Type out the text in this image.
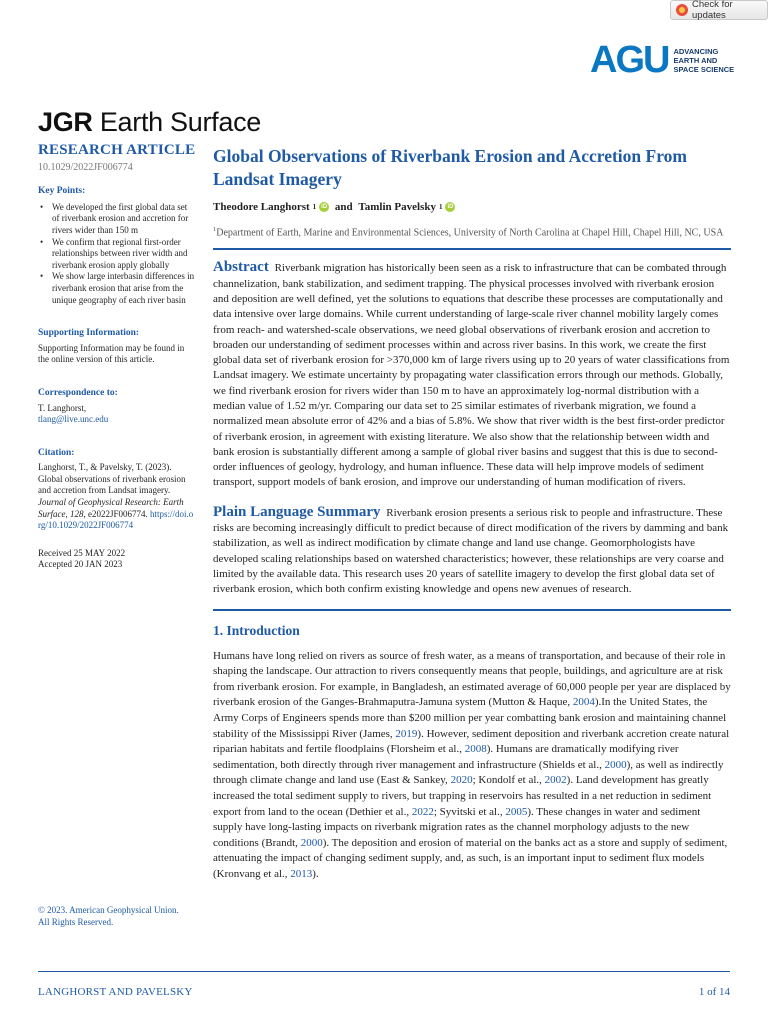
Check for updates
AGU ADVANCING
EARTH AND
SPACE SCIENCE
JGR Earth Surface
RESEARCH ARTICLE
10.1029/2022JF006774
Key Points:
• We developed the first global data set of riverbank erosion and accretion for rivers wider than 150 m
• We confirm that regional first-order relationships between river width and riverbank erosion apply globally
• We show large interbasin differences in riverbank erosion that arise from the unique geography of each river basin
Supporting Information:
Supporting Information may be found in the online version of this article.
Correspondence to:
T. Langhorst,
tlang@live.unc.edu
Citation:
Langhorst, T., & Pavelsky, T. (2023). Global observations of riverbank erosion and accretion from Landsat imagery. Journal of Geophysical Research: Earth Surface, 128, e2022JF006774. https://doi.org/10.1029/2022JF006774
Received 25 MAY 2022
Accepted 20 JAN 2023
© 2023. American Geophysical Union.
All Rights Reserved.
Global Observations of Riverbank Erosion and Accretion From Landsat Imagery
Theodore Langhorst 1 iD and Tamlin Pavelsky 1 iD
$^1$Department of Earth, Marine and Environmental Sciences, University of North Carolina at Chapel Hill, Chapel Hill, NC, USA

Abstract Riverbank migration has historically been seen as a risk to infrastructure that can be combated through channelization, bank stabilization, and sediment trapping. The physical processes involved with riverbank erosion and deposition are well defined, yet the solutions to equations that describe these processes are computationally and data intensive over large domains. While current understanding of large-scale river channel mobility largely comes from reach- and watershed-scale observations, we need global observations of riverbank erosion and accretion to broaden our understanding of sediment processes within and across river basins. In this work, we create the first global data set of riverbank erosion for >370,000 km of large rivers using up to 20 years of water classifications from Landsat imagery. We estimate uncertainty by propagating water classification errors through our methods. Globally, we find riverbank erosion for rivers wider than 150 m to have an approximately log-normal distribution with a median value of 1.52 m/yr. Comparing our data set to 25 similar estimates of riverbank migration, we found a normalized mean absolute error of 42% and a bias of 5.8%. We show that river width is the best first-order predictor of riverbank erosion, in agreement with existing literature. We also show that the relationship between width and bank erosion is substantially different among a sample of global river basins and suggest that this is due to second-order influences of geology, hydrology, and human influence. These data will help improve models of sediment transport, support models of bank erosion, and improve our understanding of human modification of rivers.

Plain Language Summary Riverbank erosion presents a serious risk to people and infrastructure. These risks are becoming increasingly difficult to predict because of direct modification of the rivers by damming and bank stabilization, as well as indirect modification by climate change and land use change. Geomorphologists have developed scaling relationships based on watershed characteristics; however, these relationships are very coarse and limited by the available data. This research uses 20 years of satellite imagery to develop the first global data set of riverbank erosion, which both confirm existing knowledge and opens new avenues of research.

1. Introduction

Humans have long relied on rivers as source of fresh water, as a means of transportation, and because of their role in shaping the landscape. Our attraction to rivers consequently means that people, buildings, and agriculture are at risk from riverbank erosion. For example, in Bangladesh, an estimated average of 60,000 people per year are displaced by riverbank erosion of the Ganges-Brahmaputra-Jamuna system (Mutton & Haque, 2004).In the United States, the Army Corps of Engineers spends more than $200 million per year combatting bank erosion and maintaining channel stability of the Mississippi River (James, 2019). However, sediment deposition and riverbank accretion create natural riparian habitats and fertile floodplains (Florsheim et al., 2008). Humans are dramatically modifying river sedimentation, both directly through river management and infrastructure (Shields et al., 2000), as well as indirectly through climate change and land use (East & Sankey, 2020; Kondolf et al., 2002). Land development has greatly increased the total sediment supply to rivers, but trapping in reservoirs has resulted in a net reduction in sediment export from land to the ocean (Dethier et al., 2022; Syvitski et al., 2005). These changes in water and sediment supply have long-lasting impacts on riverbank migration rates as the channel morphology adjusts to the new conditions (Brandt, 2000). The deposition and erosion of material on the banks act as a store and supply of sediment, attenuating the impact of changing sediment supply, and, as such, is an important input to sediment flux models (Kronvang et al., 2013).

LANGHORST AND PAVELSKY	1 of 14
